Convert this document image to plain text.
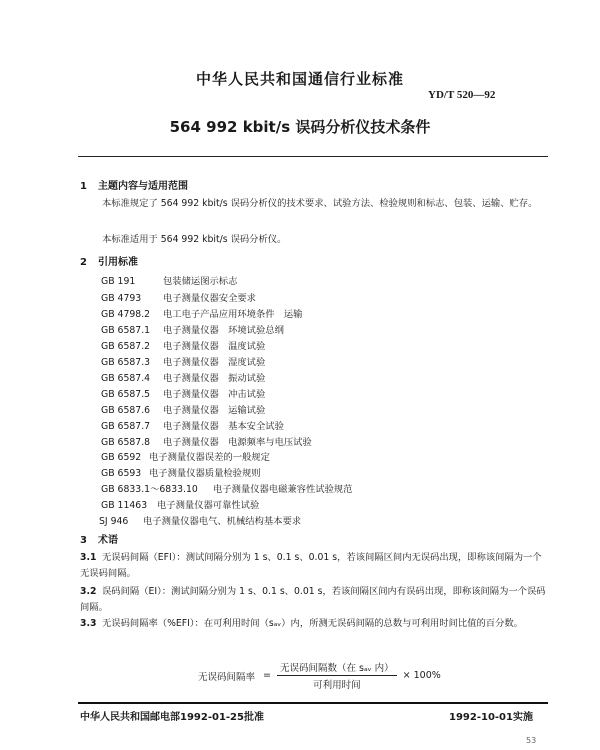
中华人民共和国通信行业标准
YD/T 520—92
564 992 kbit/s 误码分析仪技术条件
1 主题内容与适用范围
本标准规定了 564 992 kbit/s 误码分析仪的技术要求、试验方法、检验规则和标志、包装、运输、贮存。
本标准适用于 564 992 kbit/s 误码分析仪。
2 引用标准
GB 191	包装储运图示标志
GB 4793 电子测量仪器安全要求
GB 4798.2 电工电子产品应用环境条件　运输
GB 6587.1 电子测量仪器　环境试验总纲
GB 6587.2 电子测量仪器　温度试验
GB 6587.3 电子测量仪器　湿度试验
GB 6587.4 电子测量仪器　振动试验
GB 6587.5 电子测量仪器　冲击试验
GB 6587.6 电子测量仪器　运输试验
GB 6587.7 电子测量仪器　基本安全试验
GB 6587.8 电子测量仪器　电源频率与电压试验
GB 6592 电子测量仪器误差的一般规定
GB 6593 电子测量仪器质量检验规则
GB 6833.1～6833.10 电子测量仪器电磁兼容性试验规范
GB 11463 电子测量仪器可靠性试验
SJ 946 电子测量仪器电气、机械结构基本要求
3 术语
3.1 无误码间隔（EFI）：测试间隔分别为 1 s、0.1 s、0.01 s，若该间隔区间内无误码出现，即称该间隔为一个无误码间隔。
3.2 误码间隔（EI）：测试间隔分别为 1 s、0.1 s、0.01 s，若该间隔区间内有误码出现，即称该间隔为一个误码间隔。
3.3 无误码间隔率（%EFI）：在可利用时间（sₐᵥ）内，所测无误码间隔的总数与可利用时间比值的百分数。
无误码间隔率 = $\frac{\text{无误码间隔数（在 sₐᵥ 内）}}{\text{可利用时间}} \times 100\%$
中华人民共和国邮电部1992-01-25批准	1992-10-01实施
53
